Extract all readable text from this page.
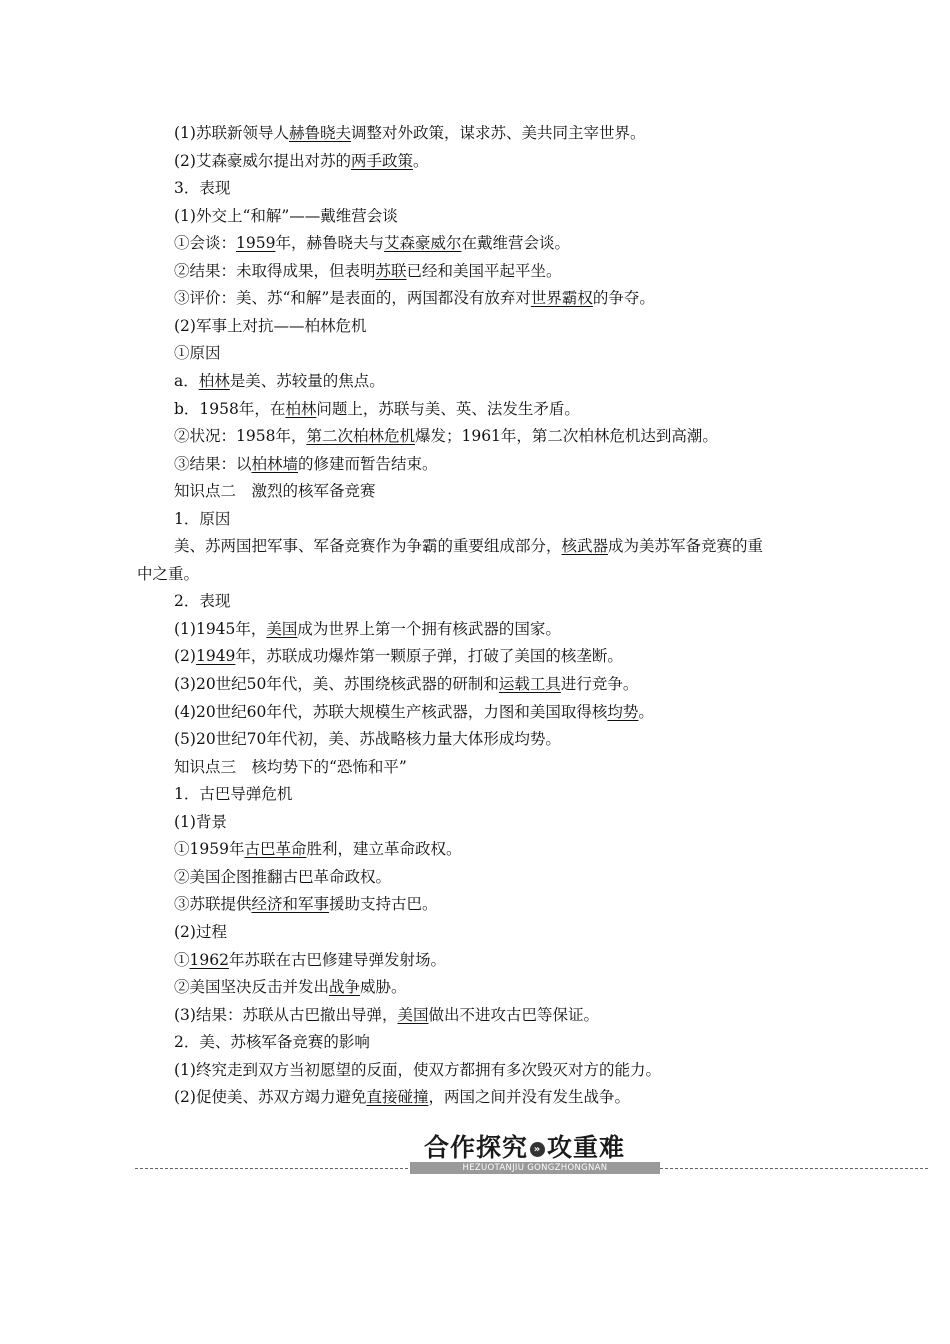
(1)苏联新领导人赫鲁晓夫调整对外政策，谋求苏、美共同主宰世界。
(2)艾森豪威尔提出对苏的两手政策。
3．表现
(1)外交上“和解”——戴维营会谈
①会谈：1959年，赫鲁晓夫与艾森豪威尔在戴维营会谈。
②结果：未取得成果，但表明苏联已经和美国平起平坐。
③评价：美、苏“和解”是表面的，两国都没有放弃对世界霸权的争夺。
(2)军事上对抗——柏林危机
①原因
a．柏林是美、苏较量的焦点。
b．1958年，在柏林问题上，苏联与美、英、法发生矛盾。
②状况：1958年，第二次柏林危机爆发；1961年，第二次柏林危机达到高潮。
③结果：以柏林墙的修建而暂告结束。
知识点二　激烈的核军备竞赛
1．原因
美、苏两国把军事、军备竞赛作为争霸的重要组成部分，核武器成为美苏军备竞赛的重
中之重。
2．表现
(1)1945年，美国成为世界上第一个拥有核武器的国家。
(2)1949年，苏联成功爆炸第一颗原子弹，打破了美国的核垄断。
(3)20世纪50年代，美、苏围绕核武器的研制和运载工具进行竞争。
(4)20世纪60年代，苏联大规模生产核武器，力图和美国取得核均势。
(5)20世纪70年代初，美、苏战略核力量大体形成均势。
知识点三　核均势下的“恐怖和平”
1．古巴导弹危机
(1)背景
①1959年古巴革命胜利，建立革命政权。
②美国企图推翻古巴革命政权。
③苏联提供经济和军事援助支持古巴。
(2)过程
①1962年苏联在古巴修建导弹发射场。
②美国坚决反击并发出战争威胁。
(3)结果：苏联从古巴撤出导弹，美国做出不进攻古巴等保证。
2．美、苏核军备竞赛的影响
(1)终究走到双方当初愿望的反面，使双方都拥有多次毁灭对方的能力。
(2)促使美、苏双方竭力避免直接碰撞，两国之间并没有发生战争。
合作探究 » 攻重难
HEZUOTANJIU GONGZHONGNAN
